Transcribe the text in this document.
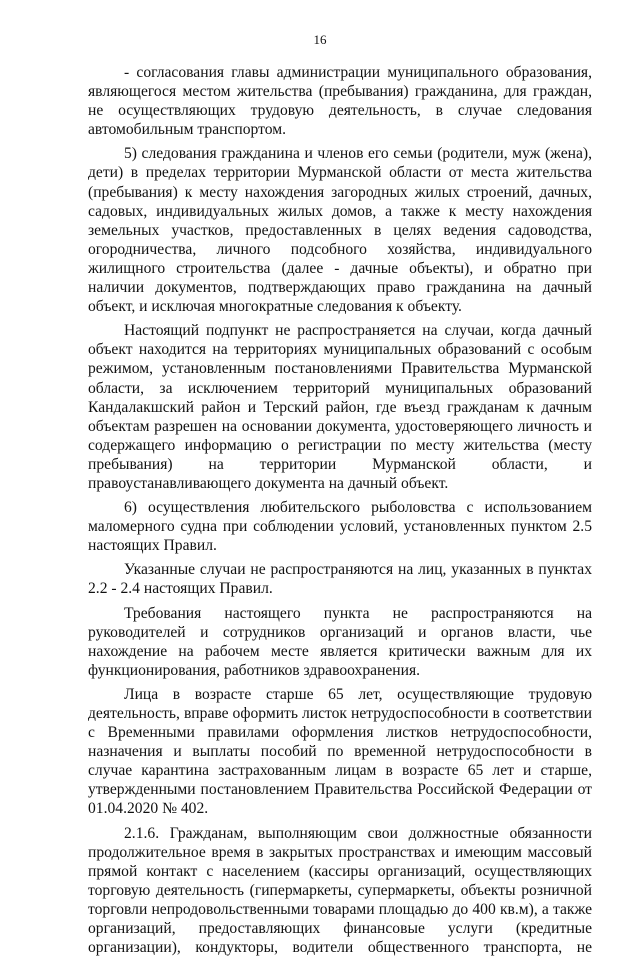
16

- согласования главы администрации муниципального образования, являющегося местом жительства (пребывания) гражданина, для граждан, не осуществляющих трудовую деятельность, в случае следования автомобильным транспортом.

5) следования гражданина и членов его семьи (родители, муж (жена), дети) в пределах территории Мурманской области от места жительства (пребывания) к месту нахождения загородных жилых строений, дачных, садовых, индивидуальных жилых домов, а также к месту нахождения земельных участков, предоставленных в целях ведения садоводства, огородничества, личного подсобного хозяйства, индивидуального жилищного строительства (далее - дачные объекты), и обратно при наличии документов, подтверждающих право гражданина на дачный объект, и исключая многократные следования к объекту.

Настоящий подпункт не распространяется на случаи, когда дачный объект находится на территориях муниципальных образований с особым режимом, установленным постановлениями Правительства Мурманской области, за исключением территорий муниципальных образований Кандалакшский район и Терский район, где въезд гражданам к дачным объектам разрешен на основании документа, удостоверяющего личность и содержащего информацию о регистрации по месту жительства (месту пребывания) на территории Мурманской области, и правоустанавливающего документа на дачный объект.

6) осуществления любительского рыболовства с использованием маломерного судна при соблюдении условий, установленных пунктом 2.5 настоящих Правил.

Указанные случаи не распространяются на лиц, указанных в пунктах 2.2 - 2.4 настоящих Правил.

Требования настоящего пункта не распространяются на руководителей и сотрудников организаций и органов власти, чье нахождение на рабочем месте является критически важным для их функционирования, работников здравоохранения.

Лица в возрасте старше 65 лет, осуществляющие трудовую деятельность, вправе оформить листок нетрудоспособности в соответствии с Временными правилами оформления листков нетрудоспособности, назначения и выплаты пособий по временной нетрудоспособности в случае карантина застрахованным лицам в возрасте 65 лет и старше, утвержденными постановлением Правительства Российской Федерации от 01.04.2020 № 402.

2.1.6. Гражданам, выполняющим свои должностные обязанности продолжительное время в закрытых пространствах и имеющим массовый прямой контакт с населением (кассиры организаций, осуществляющих торговую деятельность (гипермаркеты, супермаркеты, объекты розничной торговли непродовольственными товарами площадью до 400 кв.м), а также организаций, предоставляющих финансовые услуги (кредитные организации), кондукторы, водители общественного транспорта, не
